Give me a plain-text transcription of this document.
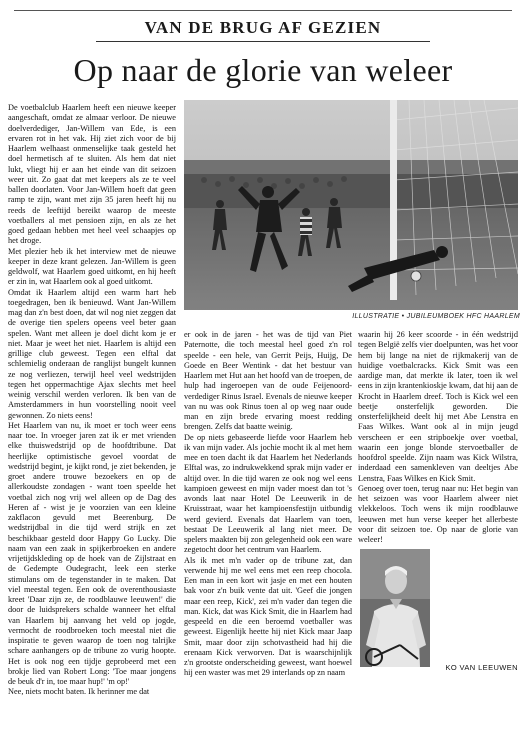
VAN DE BRUG AF GEZIEN
Op naar de glorie van weleer

De voetbalclub Haarlem heeft een nieuwe keeper aangeschaft, omdat ze almaar verloor. De nieuwe doelverdediger, Jan-Willem van Ede, is een ervaren rot in het vak. Hij ziet zich voor de bij Haarlem welhaast onmenselijke taak gesteld het doel hermetisch af te sluiten. Als hem dat niet lukt, vliegt hij er aan het einde van dit seizoen weer uit. Zo gaat dat met keepers als ze te veel ballen doorlaten. Voor Jan-Willem hoeft dat geen ramp te zijn, want met zijn 35 jaren heeft hij nu reeds de leeftijd bereikt waarop de meeste voetballers al met pensioen zijn, en als ze het goed gedaan hebben met heel veel schaapjes op het droge.

Met plezier heb ik het interview met de nieuwe keeper in deze krant gelezen. Jan-Willem is geen geldwolf, wat Haarlem goed uitkomt, en hij heeft er zin in, wat Haarlem ook al goed uitkomt.

Omdat ik Haarlem altijd een warm hart heb toegedragen, ben ik benieuwd. Want Jan-Willem mag dan z'n best doen, dat wil nog niet zeggen dat de overige tien spelers opeens veel beter gaan spelen. Want met alleen je doel dicht kom je er niet. Maar je weet het niet. Haarlem is altijd een grillige club geweest. Tegen een elftal dat schlemielig onderaan de ranglijst bungelt kunnen ze nog verliezen, terwijl heel veel wedstrijden tegen het oppermachtige Ajax slechts met heel weinig verschil werden verloren. Ik ben van de Amsterdammers in hun voorstelling nooit veel gewonnen. Zo niets eens!

Het Haarlem van nu, ik moet er toch weer eens naar toe. In vroeger jaren zat ik er met vrienden elke thuiswedstrijd op de hoofdtribune. Dat heerlijke optimistische gevoel voordat de wedstrijd begint, je kijkt rond, je ziet bekenden, je groet andere trouwe bezoekers en op de allerkoudste zondagen - want toen speelde het voetbal zich nog vrij wel alleen op de Dag des Heren af - wist je je voorzien van een kleine zakflacon gevuld met Beerenburg. De wedstrijdbal in die tijd werd strijk en zet beschikbaar gesteld door Happy Go Lucky. Die naam van een zaak in spijkerbroeken en andere vrijetijdskleding op de hoek van de Zijlstraat en de Gedempte Oudegracht, leek een sterke stimulans om de tegenstander in te maken. Dat viel meestal tegen. Een ook de overenthousiaste kreet 'Daar zijn ze, de roodblauwe leeuwen!' die door de luidsprekers schalde wanneer het elftal van Haarlem bij aanvang het veld op jogde, vermocht de roodbroeken toch meestal niet die inspiratie te geven waarop de toen nog talrijke schare aanhangers op de tribune zo vurig hoopte. Het is ook nog een tijdje geprobeerd met een brokje lied van Robert Long: 'Toe maar jongens de beuk d'r in, toe maar hup!' 'm op!'

Nee, niets mocht baten. Ik herinner me dat

ILLUSTRATIE • JUBILEUMBOEK HFC HAARLEM

er ook in de jaren - het was de tijd van Piet Paternotte, die toch meestal heel goed z'n rol speelde - een hele, van Gerrit Peijs, Huijg, De Goede en Beer Wentink - dat het bestuur van Haarlem met Hut aan het hoofd van de troepen, de hulp had ingeroepen van de oude Feijenoord-verdediger Rinus Israel. Evenals de nieuwe keeper van nu was ook Rinus toen al op weg naar oude man en zijn brede ervaring moest redding brengen. Zelfs dat baatte weinig.

De op niets gebaseerde liefde voor Haarlem heb ik van mijn vader. Als jochie mocht ik al met hem mee en toen dacht ik dat Haarlem het Nederlands Elftal was, zo indrukwekkend sprak mijn vader er altijd over. In die tijd waren ze ook nog wel eens kampioen geweest en mijn vader moest dan tot 's avonds laat naar Hotel De Leeuwerik in de Kruisstraat, waar het kampioensfestijn uitbundig werd gevierd. Evenals dat Haarlem van toen, bestaat De Leeuwerik al lang niet meer. De spelers maakten bij zon gelegenheid ook een ware zegetocht door het centrum van Haarlem.

Als ik met m'n vader op de tribune zat, dan verwende hij me wel eens met een reep chocola. Een man in een kort wit jasje en met een houten bak voor z'n buik vente dat uit. 'Geef die jongen maar een reep, Kick', zei m'n vader dan tegen die man. Kick, dat was Kick Smit, die in Haarlem had gespeeld en die een beroemd voetballer was geweest. Eigenlijk heette hij niet Kick maar Jaap Smit, maar door zijn schotvastheid had hij die erenaam Kick verworven. Dat is waarschijnlijk z'n grootste onderscheiding geweest, want hoewel hij een waster was met 29 interlands op zn naam

waarin hij 26 keer scoorde - in één wedstrijd tegen België zelfs vier doelpunten, was het voor hem bij lange na niet de rijkmakerij van de huidige voetbalcracks. Kick Smit was een aardige man, dat merkte ik later, toen ik wel eens in zijn krantenkioskje kwam, dat hij aan de Krocht in Haarlem dreef. Toch is Kick wel een beetje onsterfelijk geworden. Die onsterfelijkheid deelt hij met Abe Lenstra en Faas Wilkes. Want ook al in mijn jeugd verscheen er een stripboekje over voetbal, waarin een jonge blonde stervoetballer de hoofdrol speelde. Zijn naam was Kick Wilstra, inderdaad een samenkleven van deeltjes Abe Lenstra, Faas Wilkes en Kick Smit.

Genoeg over toen, terug naar nu: Het begin van het seizoen was voor Haarlem alweer niet vlekkeloos. Toch wens ik mijn roodblauwe leeuwen met hun verse keeper het allerbeste voor dit seizoen toe. Op naar de glorie van weleer!

KO VAN LEEUWEN
